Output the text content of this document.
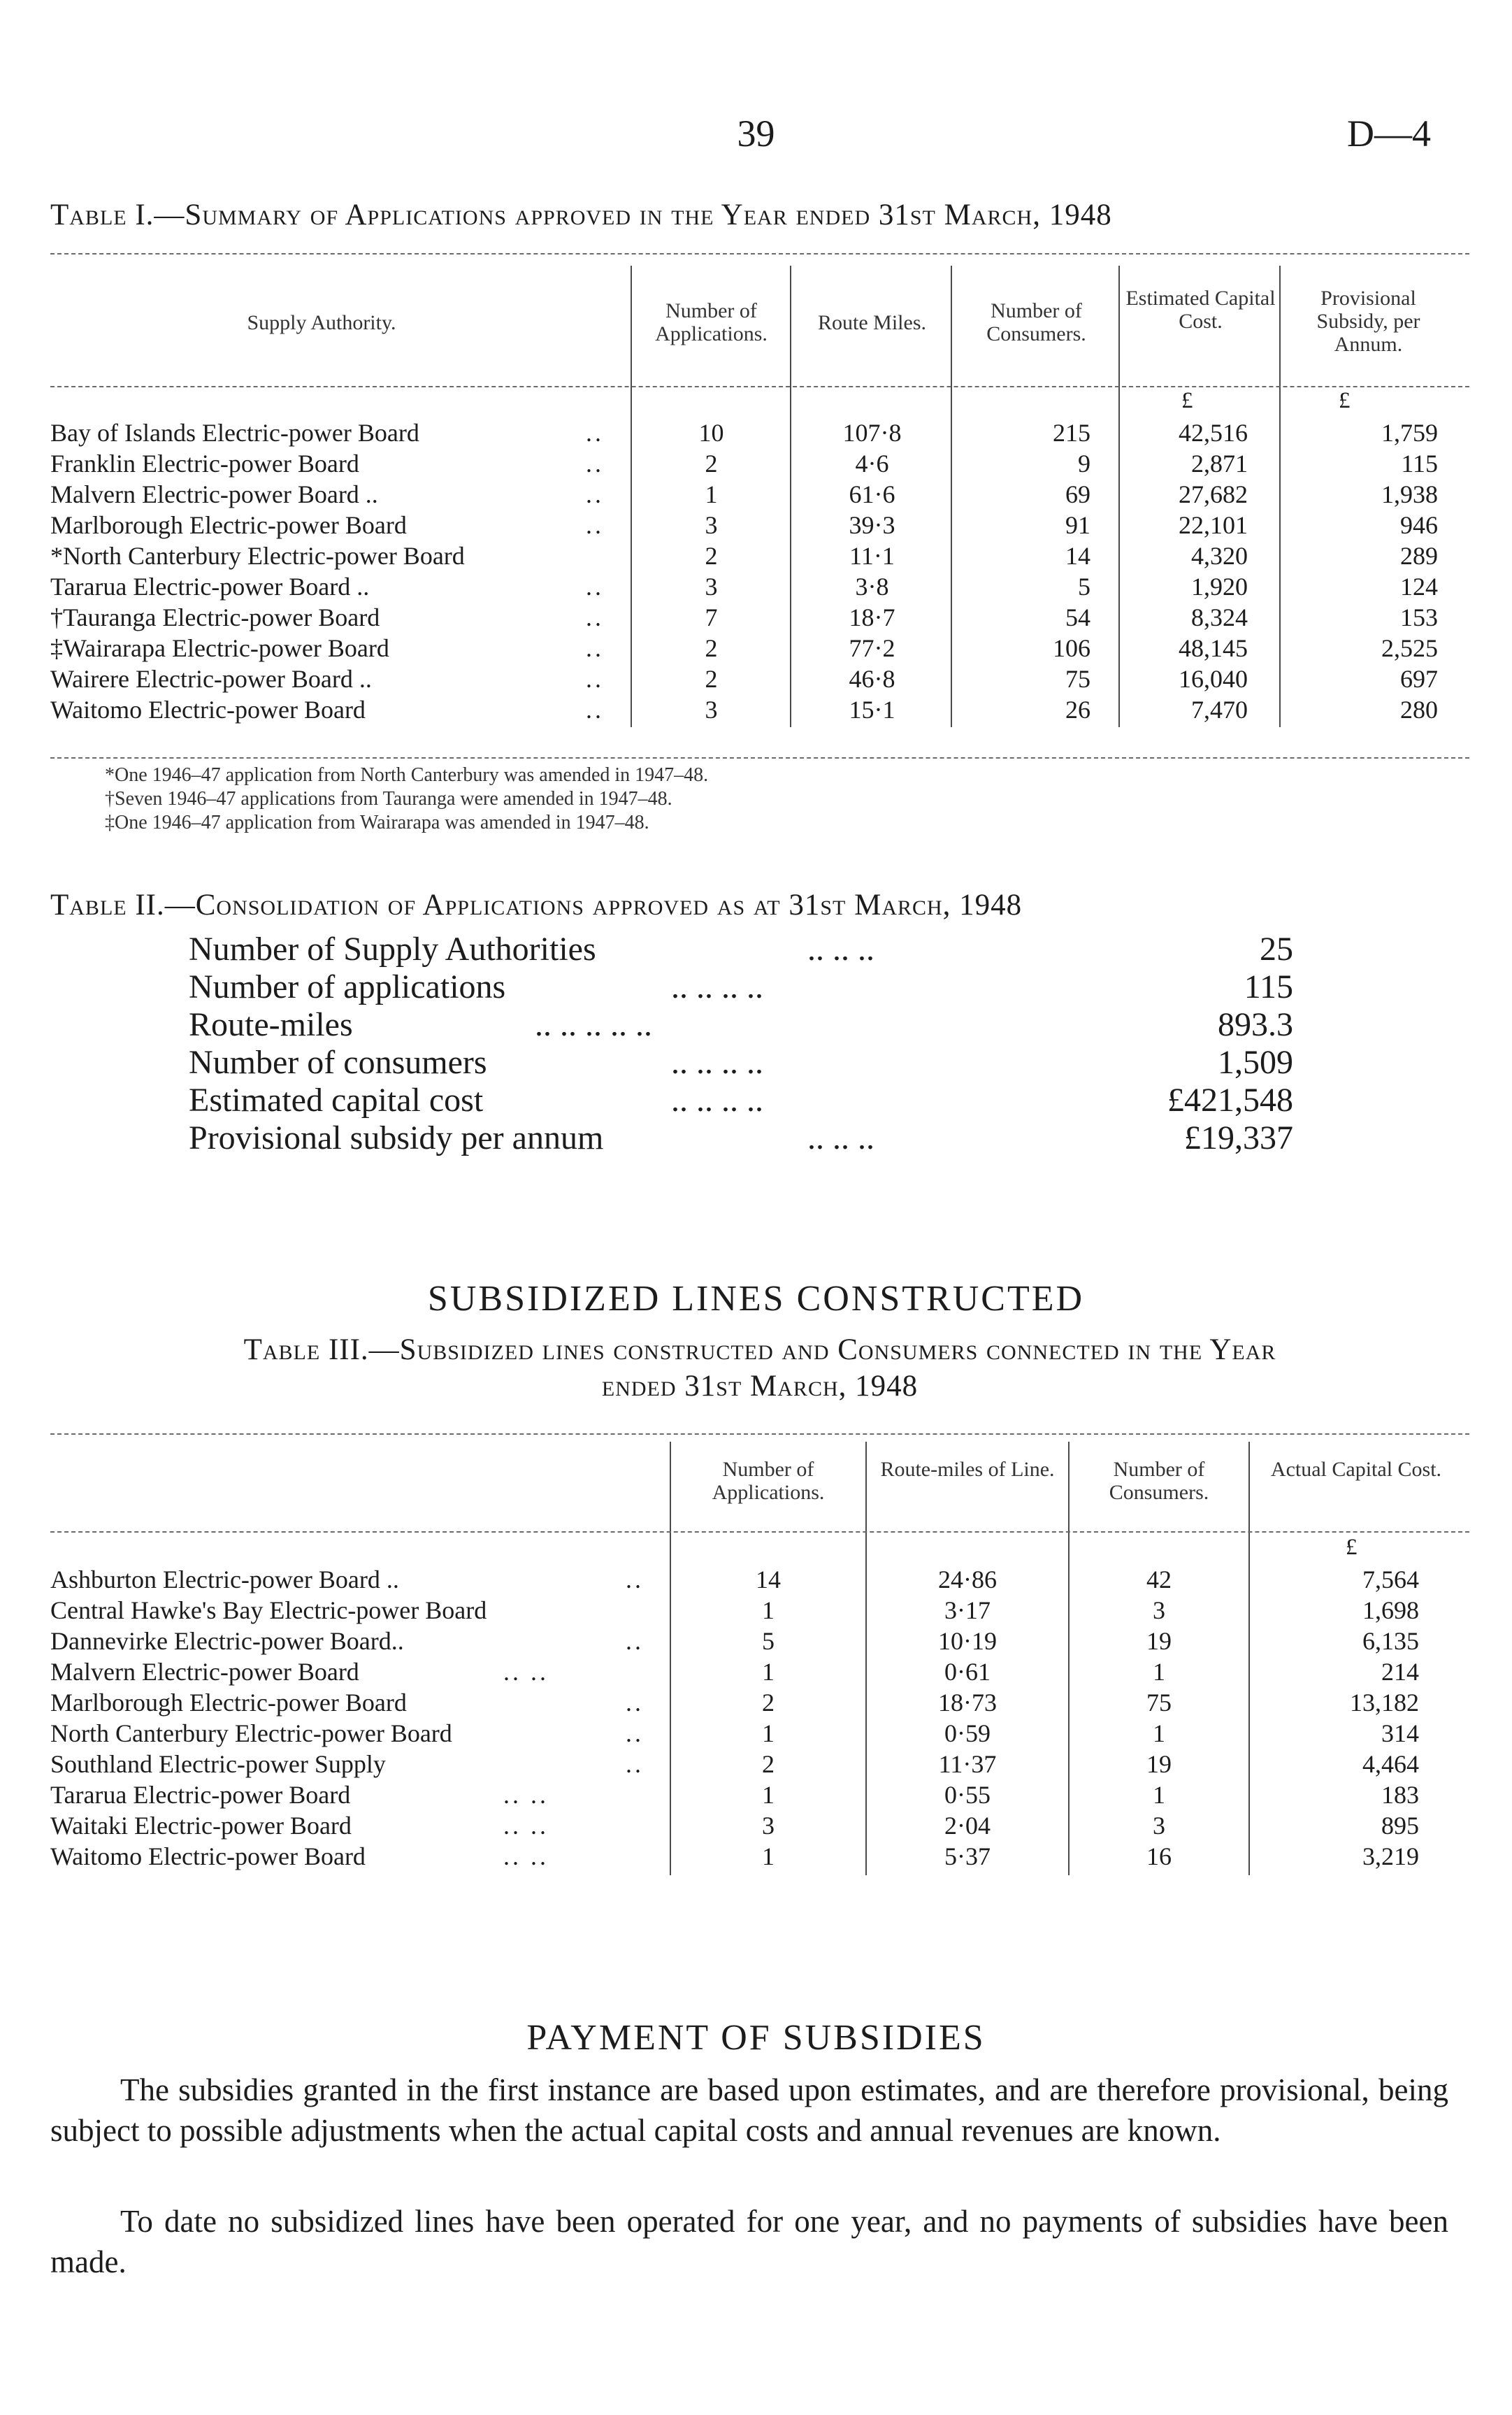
39	D—4
Table I.—Summary of Applications approved in the Year ended 31st March, 1948
Supply Authority.
Number of Applications.	Route Miles.
Number of Consumers.
Estimated Capital Cost.
Provisional Subsidy, per Annum.
£	£
Bay of Islands Electric-power Board	..	10	107·8	215	42,516	1,759
Franklin Electric-power Board	..	2	4·6	9	2,871	115
Malvern Electric-power Board ..	..	1	61·6	69	27,682	1,938
Marlborough Electric-power Board	..	3	39·3	91	22,101	946
*North Canterbury Electric-power Board	2	11·1	14	4,320	289
Tararua Electric-power Board ..	..	3	3·8	5	1,920	124
†Tauranga Electric-power Board	..	7	18·7	54	8,324	153
‡Wairarapa Electric-power Board	..	2	77·2	106	48,145	2,525
Wairere Electric-power Board ..	..	2	46·8	75	16,040	697
Waitomo Electric-power Board	..	3	15·1	26	7,470	280
*One 1946–47 application from North Canterbury was amended in 1947–48.
†Seven 1946–47 applications from Tauranga were amended in 1947–48.
‡One 1946–47 application from Wairarapa was amended in 1947–48.
Table II.—Consolidation of Applications approved as at 31st March, 1948
Number of Supply Authorities	.. .. ..	25
Number of applications	.. .. .. ..	115
Route-miles	.. .. .. .. ..	893.3
Number of consumers	.. .. .. ..	1,509
Estimated capital cost	.. .. .. ..	£421,548
Provisional subsidy per annum	.. .. ..	£19,337
SUBSIDIZED LINES CONSTRUCTED
Table III.—Subsidized lines constructed and Consumers connected in the Year
ended 31st March, 1948
Number of Applications.
Route-miles of Line.	Number of Consumers.
Actual Capital Cost.
£
Ashburton Electric-power Board ..	..	14	24·86	42	7,564
Central Hawke's Bay Electric-power Board	1	3·17	3	1,698
Dannevirke Electric-power Board..	..	5	10·19	19	6,135
Malvern Electric-power Board	.. ..	1	0·61	1	214
Marlborough Electric-power Board	..	2	18·73	75	13,182
North Canterbury Electric-power Board	..	1	0·59	1	314
Southland Electric-power Supply	..	2	11·37	19	4,464
Tararua Electric-power Board	.. ..	1	0·55	1	183
Waitaki Electric-power Board	.. ..	3	2·04	3	895
Waitomo Electric-power Board	.. ..	1	5·37	16	3,219
PAYMENT OF SUBSIDIES
The subsidies granted in the first instance are based upon estimates, and are therefore provisional, being subject to possible adjustments when the actual capital costs and annual revenues are known.
To date no subsidized lines have been operated for one year, and no payments of subsidies have been made.
